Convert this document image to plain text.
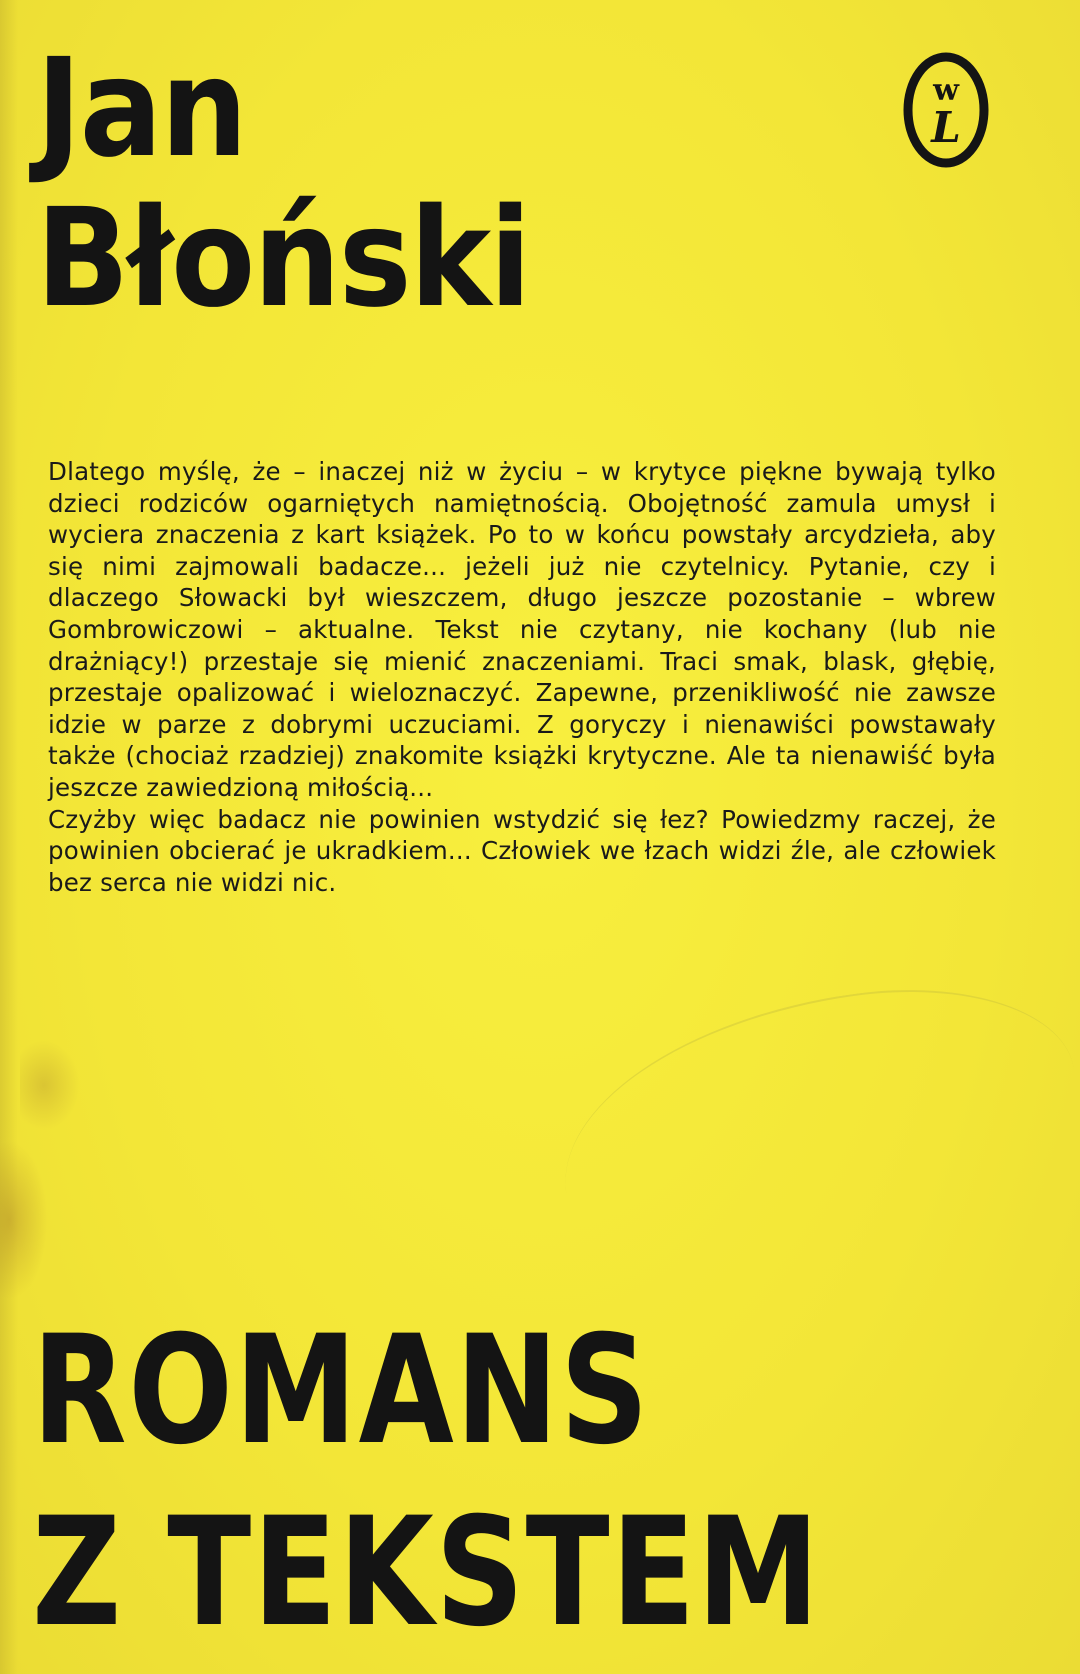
Jan
Błoński
w
L

Dlatego myślę, że – inaczej niż w życiu – w krytyce piękne bywają tylko dzieci rodziców ogarniętych namiętnością. Obojętność zamula umysł i wyciera znaczenia z kart książek. Po to w końcu powstały arcydzieła, aby się nimi zajmowali badacze... jeżeli już nie czytelnicy. Pytanie, czy i dlaczego Słowacki był wieszczem, długo jeszcze pozostanie – wbrew Gombrowiczowi – aktualne. Tekst nie czytany, nie kochany (lub nie drażniący!) przestaje się mienić znaczeniami. Traci smak, blask, głębię, przestaje opalizować i wieloznaczyć. Zapewne, przenikliwość nie zawsze idzie w parze z dobrymi uczuciami. Z goryczy i nienawiści powstawały także (chociaż rzadziej) znakomite książki krytyczne. Ale ta nienawiść była jeszcze zawiedzioną miłością...

Czyżby więc badacz nie powinien wstydzić się łez? Powiedzmy raczej, że powinien obcierać je ukradkiem... Człowiek we łzach widzi źle, ale człowiek bez serca nie widzi nic.

ROMANS
Z TEKSTEM
